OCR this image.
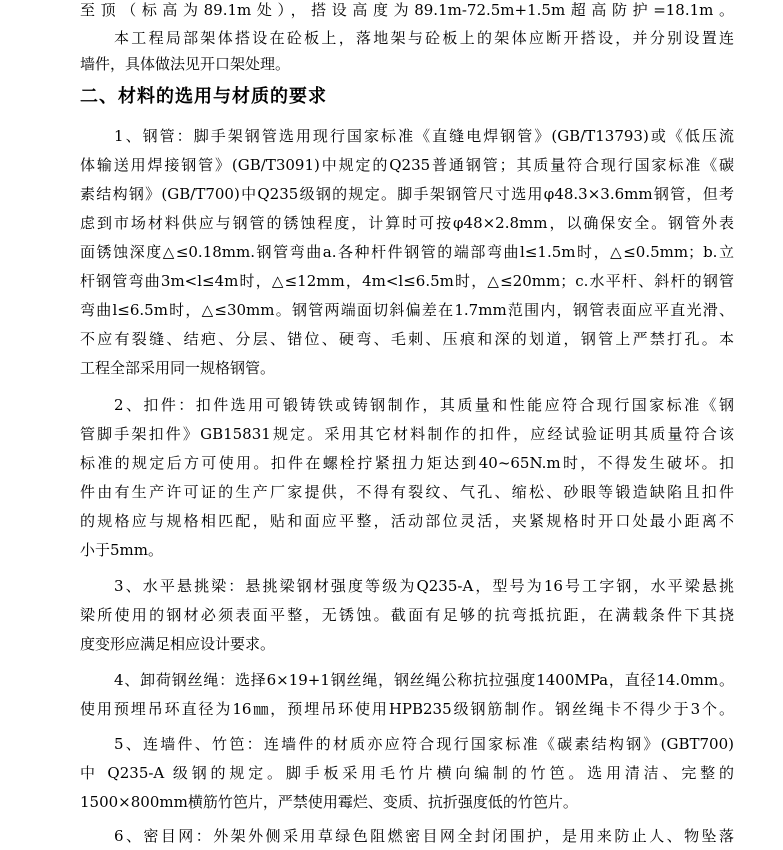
至顶（标高为89.1m处），搭设高度为89.1m-72.5m+1.5m超高防护=18.1m。
本工程局部架体搭设在砼板上，落地架与砼板上的架体应断开搭设，并分别设置连
墙件，具体做法见开口架处理。
二、材料的选用与材质的要求
1、钢管：脚手架钢管选用现行国家标准《直缝电焊钢管》(GB/T13793)或《低压流
体输送用焊接钢管》(GB/T3091)中规定的Q235普通钢管；其质量符合现行国家标准《碳
素结构钢》(GB/T700)中Q235级钢的规定。脚手架钢管尺寸选用φ48.3×3.6mm钢管，但考
虑到市场材料供应与钢管的锈蚀程度，计算时可按φ48×2.8mm，以确保安全。钢管外表
面锈蚀深度△≤0.18mm.钢管弯曲a.各种杆件钢管的端部弯曲l≤1.5m时，△≤0.5mm；b.立
杆钢管弯曲3m<l≤4m时，△≤12mm，4m<l≤6.5m时，△≤20mm；c.水平杆、斜杆的钢管
弯曲l≤6.5m时，△≤30mm。钢管两端面切斜偏差在1.7mm范围内，钢管表面应平直光滑、
不应有裂缝、结疤、分层、错位、硬弯、毛刺、压痕和深的划道，钢管上严禁打孔。本
工程全部采用同一规格钢管。
2、扣件：扣件选用可锻铸铁或铸钢制作，其质量和性能应符合现行国家标准《钢
管脚手架扣件》GB15831规定。采用其它材料制作的扣件，应经试验证明其质量符合该
标准的规定后方可使用。扣件在螺栓拧紧扭力矩达到40~65N.m时，不得发生破坏。扣
件由有生产许可证的生产厂家提供，不得有裂纹、气孔、缩松、砂眼等锻造缺陷且扣件
的规格应与规格相匹配，贴和面应平整，活动部位灵活，夹紧规格时开口处最小距离不
小于5mm。
3、水平悬挑梁：悬挑梁钢材强度等级为Q235-A，型号为16号工字钢，水平梁悬挑
梁所使用的钢材必须表面平整，无锈蚀。截面有足够的抗弯抵抗距，在满载条件下其挠
度变形应满足相应设计要求。
4、卸荷钢丝绳：选择6×19+1钢丝绳，钢丝绳公称抗拉强度1400MPa，直径14.0mm。
使用预埋吊环直径为16㎜，预埋吊环使用HPB235级钢筋制作。钢丝绳卡不得少于3个。
5、连墙件、竹笆：连墙件的材质亦应符合现行国家标准《碳素结构钢》(GBT700)
中 Q235-A 级钢的规定。脚手板采用毛竹片横向编制的竹笆。选用清洁、完整的
1500×800mm横筋竹笆片，严禁使用霉烂、变质、抗折强度低的竹笆片。
6、密目网：外架外侧采用草绿色阻燃密目网全封闭围护，是用来防止人、物坠落
